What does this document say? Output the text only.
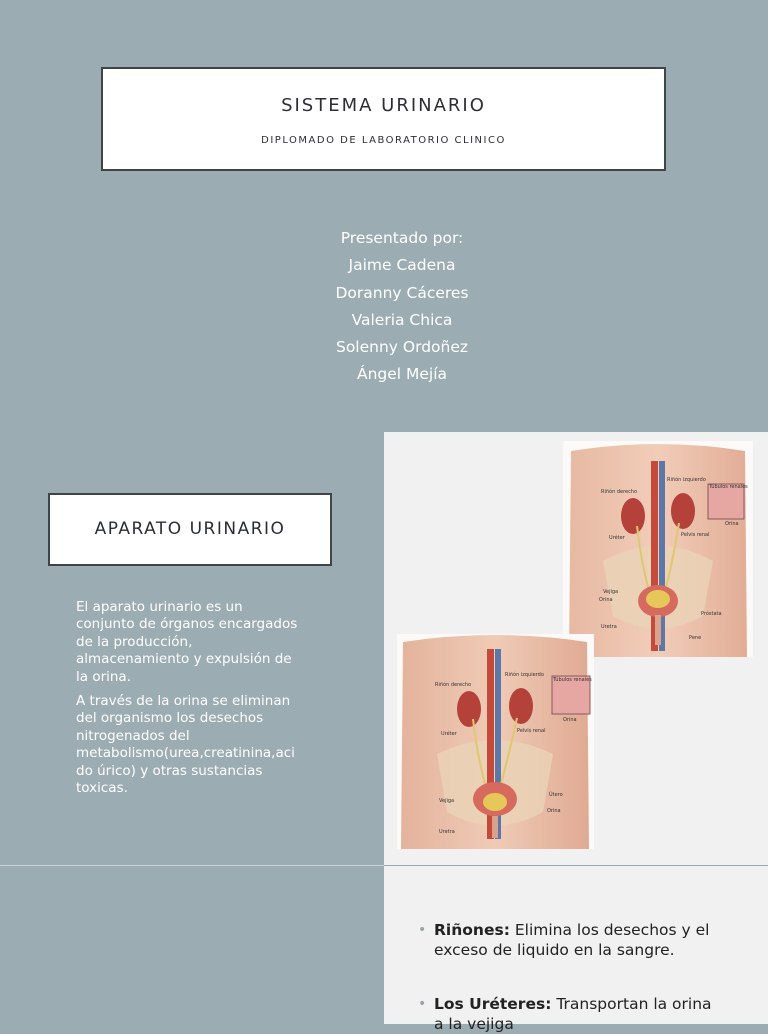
SISTEMA URINARIO
DIPLOMADO DE LABORATORIO CLINICO
Presentado por:
Jaime Cadena
Doranny Cáceres
Valeria Chica
Solenny Ordoñez
Ángel Mejía
APARATO URINARIO
El aparato urinario es un conjunto de órganos encargados de la producción, almacenamiento y expulsión de la orina.
A través de la orina se eliminan del organismo los desechos nitrogenados del metabolismo(urea,creatinina,acido úrico) y otras sustancias toxicas.
Riñón derecho
Riñón izquierdo
Túbulos renales
Orina
Pelvis renal
Uréter
Vejiga
Orina
Próstata
Uretra
Pene
Riñón derecho
Riñón izquierdo
Túbulos renales
Orina
Pelvis renal
Uréter
Vejiga
Útero
Orina
Uretra
• Riñones: Elimina los desechos y el exceso de liquido en la sangre.
• Los Uréteres: Transportan la orina a la vejiga
